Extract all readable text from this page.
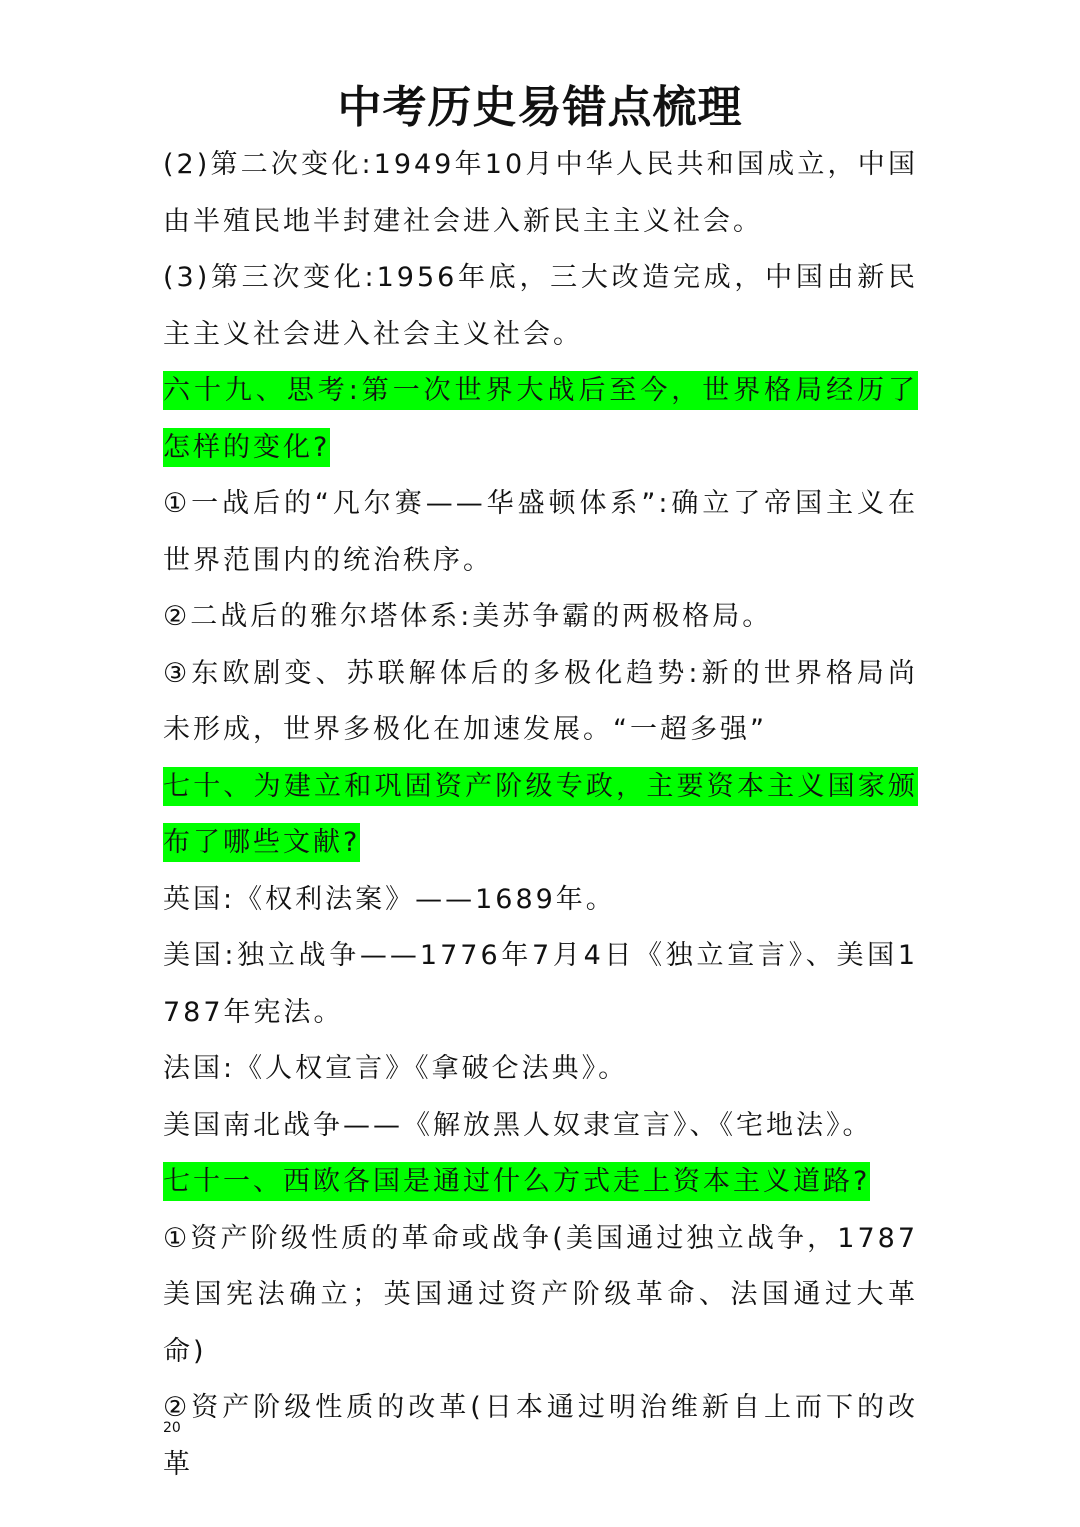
中考历史易错点梳理

(2)第二次变化:1949年10月中华人民共和国成立，中国由半殖民地半封建社会进入新民主主义社会。

(3)第三次变化:1956年底，三大改造完成，中国由新民主主义社会进入社会主义社会。

六十九、思考:第一次世界大战后至今，世界格局经历了怎样的变化?

①一战后的“凡尔赛——华盛顿体系”:确立了帝国主义在世界范围内的统治秩序。

②二战后的雅尔塔体系:美苏争霸的两极格局。

③东欧剧变、苏联解体后的多极化趋势:新的世界格局尚未形成，世界多极化在加速发展。“一超多强”

七十、为建立和巩固资产阶级专政，主要资本主义国家颁布了哪些文献?

英国:《权利法案》——1689年。

美国:独立战争——1776年7月4日《独立宣言》、美国1787年宪法。

法国:《人权宣言》《拿破仑法典》。

美国南北战争——《解放黑人奴隶宣言》、《宅地法》。

七十一、西欧各国是通过什么方式走上资本主义道路?

①资产阶级性质的革命或战争(美国通过独立战争，1787美国宪法确立；英国通过资产阶级革命、法国通过大革命)

②资产阶级性质的改革(日本通过明治维新自上而下的改革

20
